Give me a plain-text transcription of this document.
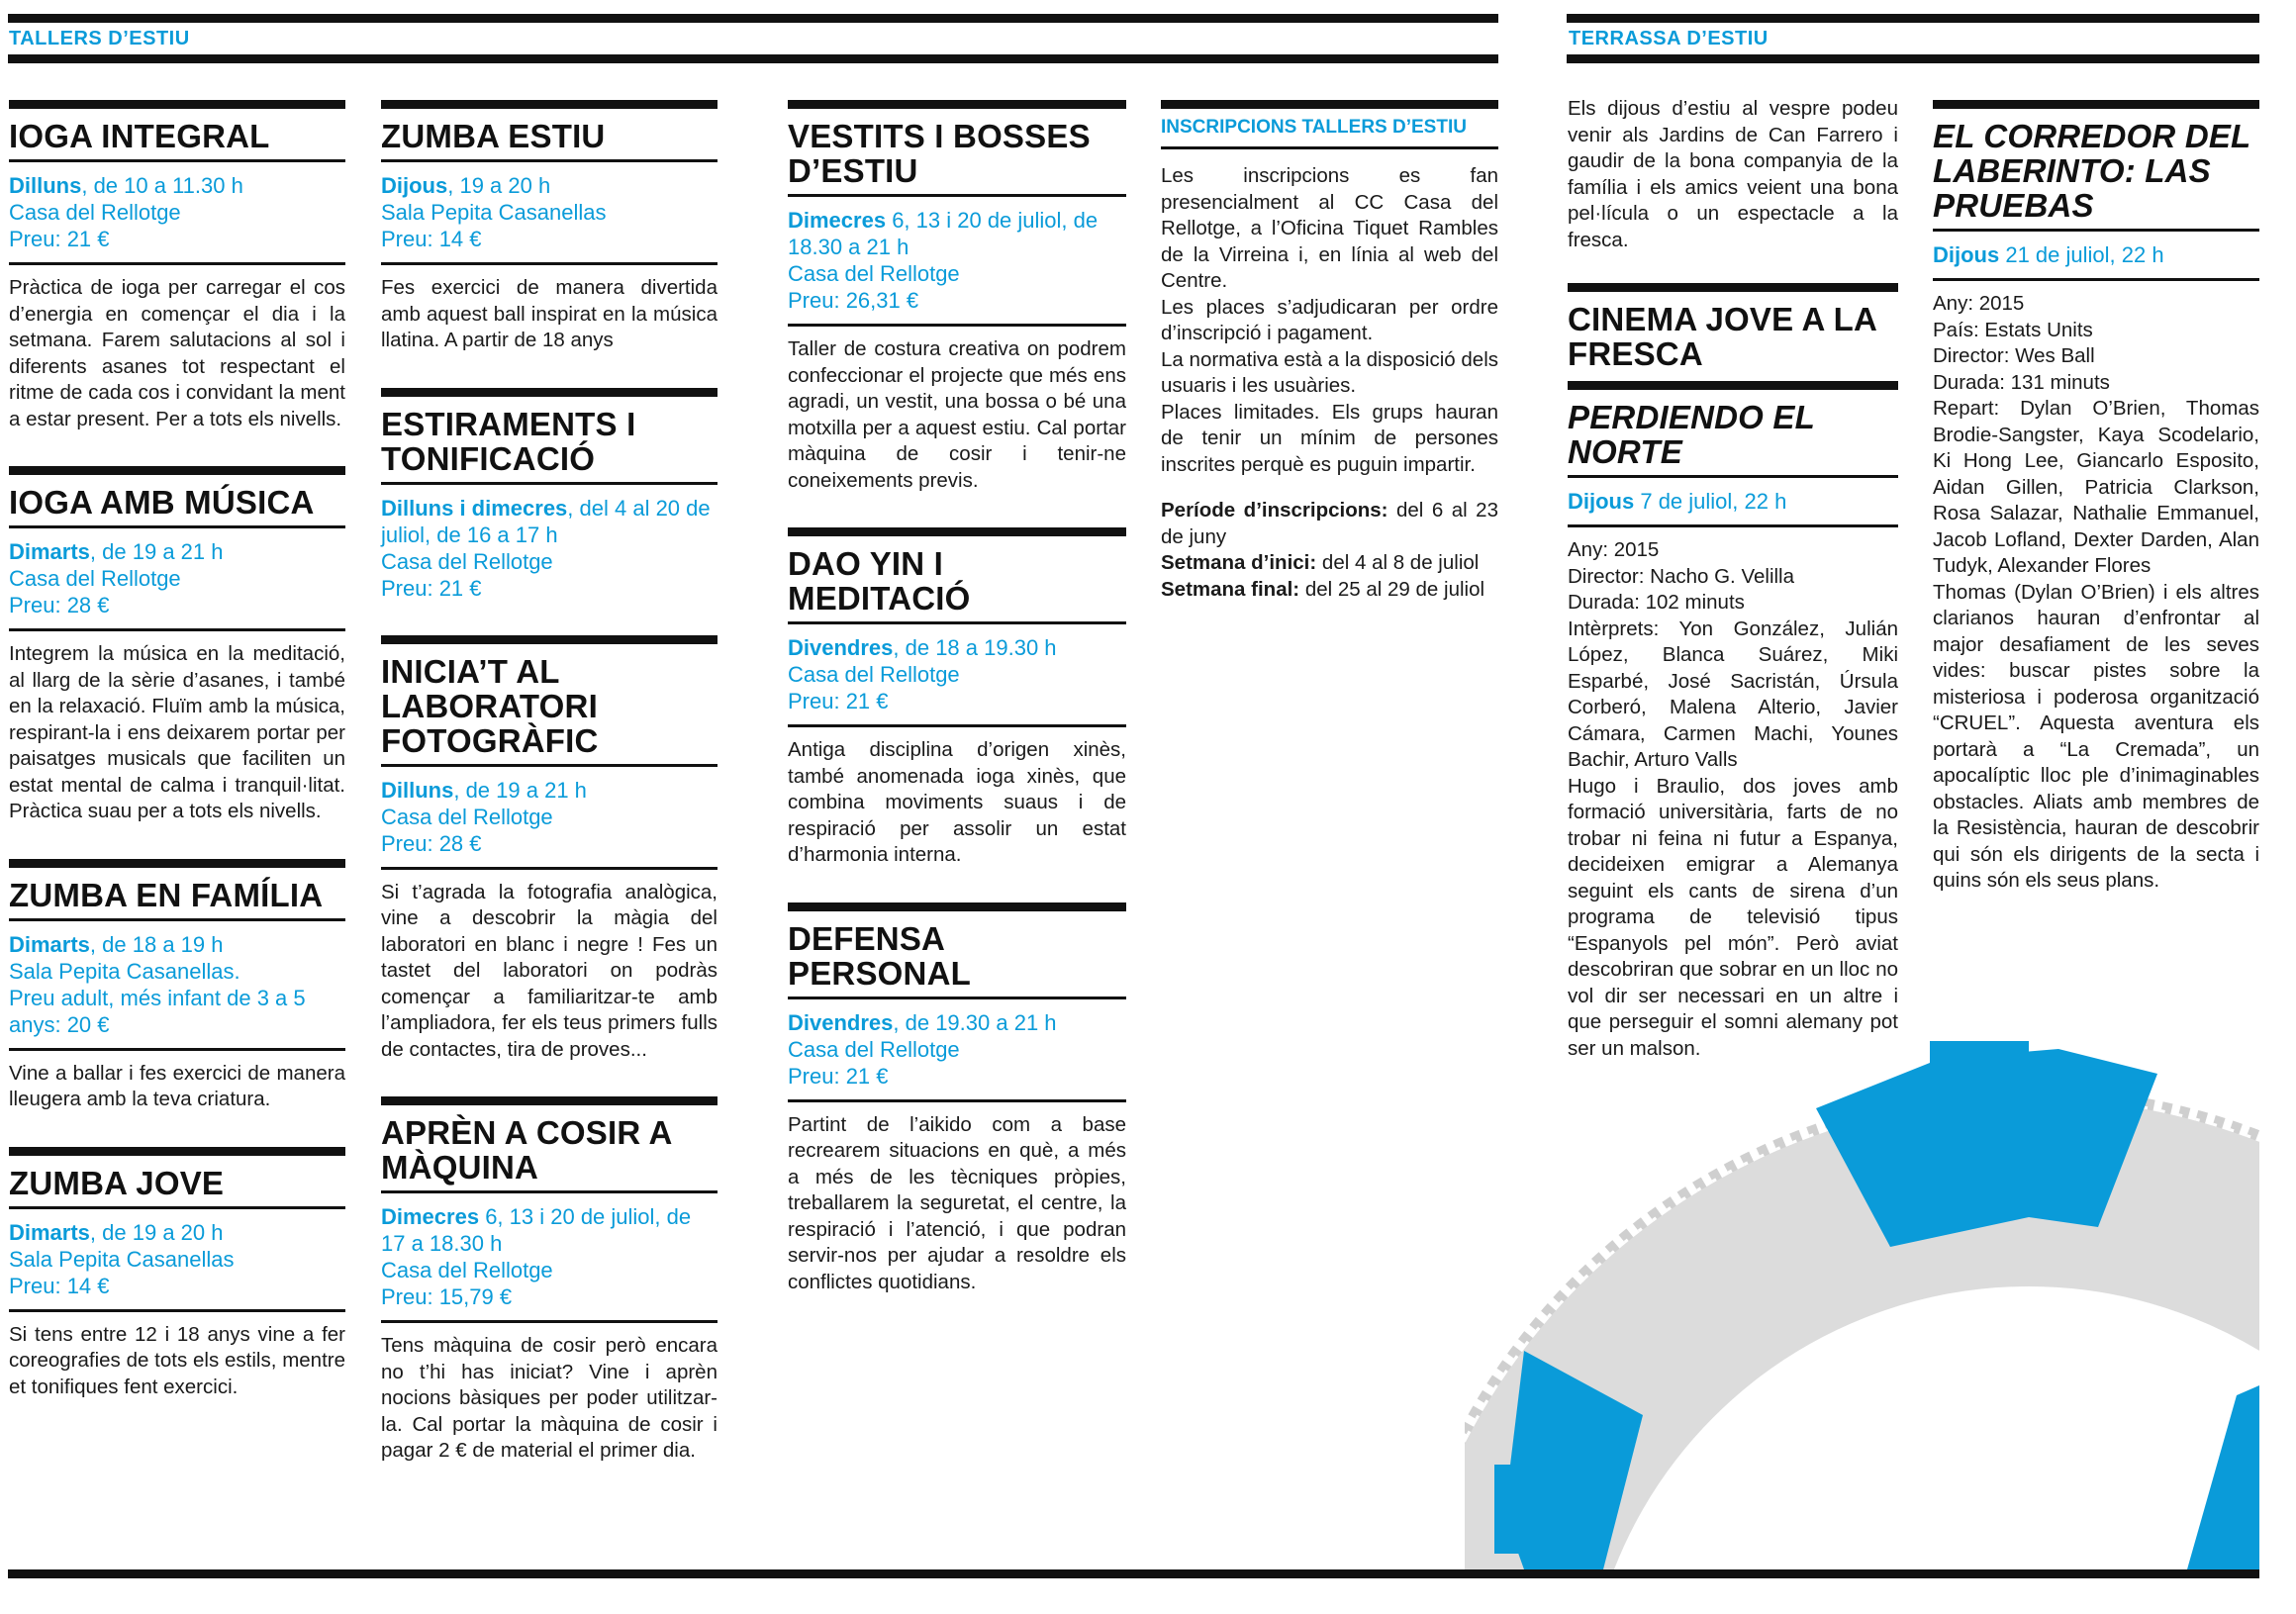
TALLERS D’ESTIU	TERRASSA D’ESTIU
IOGA INTEGRAL
Dilluns, de 10 a 11.30 h
Casa del Rellotge
Preu: 21 €
Pràctica de ioga per carregar el cos d’energia en començar el dia i la setmana. Farem salutacions al sol i diferents asanes tot respectant el ritme de cada cos i convidant la ment a estar present. Per a tots els nivells.
IOGA AMB MÚSICA
Dimarts, de 19 a 21 h
Casa del Rellotge
Preu: 28 €
Integrem la música en la meditació, al llarg de la sèrie d’asanes, i també en la relaxació. Fluïm amb la música, respirant-la i ens deixarem portar per paisatges musicals que faciliten un estat mental de calma i tranquil·litat. Pràctica suau per a tots els nivells.
ZUMBA EN FAMÍLIA
Dimarts, de 18 a 19 h
Sala Pepita Casanellas.
Preu adult, més infant de 3 a 5 anys: 20 €
Vine a ballar i fes exercici de manera lleugera amb la teva criatura.
ZUMBA JOVE
Dimarts, de 19 a 20 h
Sala Pepita Casanellas
Preu: 14 €
Si tens entre 12 i 18 anys vine a fer coreografies de tots els estils, mentre et tonifiques fent exercici.
ZUMBA ESTIU
Dijous, 19 a 20 h
Sala Pepita Casanellas
Preu: 14 €
Fes exercici de manera divertida amb aquest ball inspirat en la música llatina. A partir de 18 anys
ESTIRAMENTS I TONIFICACIÓ
Dilluns i dimecres, del 4 al 20 de juliol, de 16 a 17 h
Casa del Rellotge
Preu: 21 €
INICIA’T AL LABORATORI FOTOGRÀFIC
Dilluns, de 19 a 21 h
Casa del Rellotge
Preu: 28 €
Si t’agrada la fotografia analògica, vine a descobrir la màgia del laboratori en blanc i negre ! Fes un tastet del laboratori on podràs començar a familiaritzar-te amb l’ampliadora, fer els teus primers fulls de contactes, tira de proves...
APRÈN A COSIR A MÀQUINA
Dimecres 6, 13 i 20 de juliol, de 17 a 18.30 h
Casa del Rellotge
Preu: 15,79 €
Tens màquina de cosir però encara no t’hi has iniciat? Vine i aprèn nocions bàsiques per poder utilitzar-la. Cal portar la màquina de cosir i pagar 2 € de material el primer dia.
VESTITS I BOSSES D’ESTIU
Dimecres 6, 13 i 20 de juliol, de 18.30 a 21 h
Casa del Rellotge
Preu: 26,31 €
Taller de costura creativa on podrem confeccionar el projecte que més ens agradi, un vestit, una bossa o bé una motxilla per a aquest estiu. Cal portar màquina de cosir i tenir-ne coneixements previs.
DAO YIN I MEDITACIÓ
Divendres, de 18 a 19.30 h
Casa del Rellotge
Preu: 21 €
Antiga disciplina d’origen xinès, també anomenada ioga xinès, que combina moviments suaus i de respiració per assolir un estat d’harmonia interna.
DEFENSA PERSONAL
Divendres, de 19.30 a 21 h
Casa del Rellotge
Preu: 21 €
Partint de l’aikido com a base recrearem situacions en què, a més a més de les tècniques pròpies, treballarem la seguretat, el centre, la respiració i l’atenció, i que podran servir-nos per ajudar a resoldre els conflictes quotidians.
INSCRIPCIONS TALLERS D’ESTIU

Les inscripcions es fan presencialment al CC Casa del Rellotge, a l’Oficina Tiquet Rambles de la Virreina i, en línia al web del Centre.

Les places s’adjudicaran per ordre d’inscripció i pagament.

La normativa està a la disposició dels usuaris i les usuàries.

Places limitades. Els grups hauran de tenir un mínim de persones inscrites perquè es puguin impartir.

Període d’inscripcions: del 6 al 23 de juny

Setmana d’inici: del 4 al 8 de juliol

Setmana final: del 25 al 29 de juliol

Els dijous d’estiu al vespre podeu venir als Jardins de Can Farrero i gaudir de la bona companyia de la família i els amics veient una bona pel·lícula o un espectacle a la fresca.
CINEMA JOVE A LA FRESCA
PERDIENDO EL NORTE
Dijous 7 de juliol, 22 h
Any: 2015
Director: Nacho G. Velilla
Durada: 102 minuts
Intèrprets: Yon González, Julián López, Blanca Suárez, Miki Esparbé, José Sacristán, Úrsula Corberó, Malena Alterio, Javier Cámara, Carmen Machi, Younes Bachir, Arturo Valls
Hugo i Braulio, dos joves amb formació universitària, farts de no trobar ni feina ni futur a Espanya, decideixen emigrar a Alemanya seguint els cants de sirena d’un programa de televisió tipus “Espanyols pel món”. Però aviat descobriran que sobrar en un lloc no vol dir ser necessari en un altre i que perseguir el somni alemany pot ser un malson.
EL CORREDOR DEL LABERINTO: LAS PRUEBAS
Dijous 21 de juliol, 22 h
Any: 2015
País: Estats Units
Director: Wes Ball
Durada: 131 minuts
Repart: Dylan O’Brien, Thomas Brodie-Sangster, Kaya Scodelario, Ki Hong Lee, Giancarlo Esposito, Aidan Gillen, Patricia Clarkson, Rosa Salazar, Nathalie Emmanuel, Jacob Lofland, Dexter Darden, Alan Tudyk, Alexander Flores
Thomas (Dylan O’Brien) i els altres clarianos hauran d’enfrontar al major desafiament de les seves vides: buscar pistes sobre la misteriosa i poderosa organització “CRUEL”. Aquesta aventura els portarà a “La Cremada”, un apocalíptic lloc ple d’inimaginables obstacles. Aliats amb membres de la Resistència, hauran de descobrir qui són els dirigents de la secta i quins són els seus plans.
